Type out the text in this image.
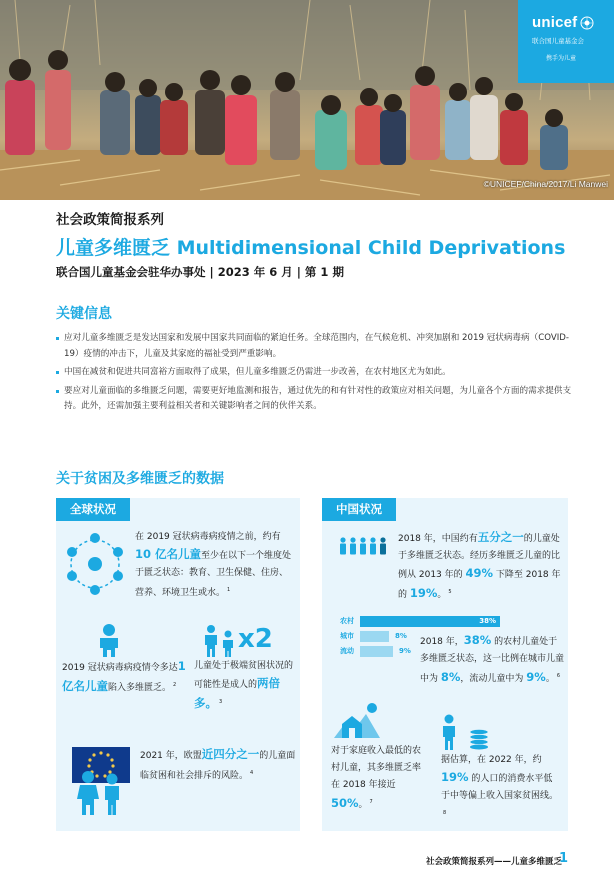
unicef
联合国儿童基金会
携手为儿童
©UNICEF/China/2017/Li Manwei
社会政策简报系列
儿童多维匮乏 Multidimensional Child Deprivations
联合国儿童基金会驻华办事处 | 2023 年 6 月 | 第 1 期
关键信息
应对儿童多维匮乏是发达国家和发展中国家共同面临的紧迫任务。全球范围内，在气候危机、冲突加剧和 2019 冠状病毒病（COVID-19）疫情的冲击下，儿童及其家庭的福祉受到严重影响。
中国在减贫和促进共同富裕方面取得了成果，但儿童多维匮乏仍需进一步改善，在农村地区尤为如此。
要应对儿童面临的多维匮乏问题，需要更好地监测和报告，通过优先的和有针对性的政策应对相关问题，为儿童各个方面的需求提供支持。此外，还需加强主要利益相关者和关键影响者之间的伙伴关系。
关于贫困及多维匮乏的数据
全球状况
在 2019 冠状病毒病疫情之前，约有
10 亿名儿童至少在以下一个维度处于匮乏状态：教育、卫生保健、住房、营养、环境卫生或水。 $^1$
2019 冠状病毒病疫情令多达1 亿名儿童陷入多维匮乏。 $^2$
x2
儿童处于极端贫困状况的可能性是成人的两倍多。 $^3$
2021 年，欧盟近四分之一的儿童面临贫困和社会排斥的风险。 $^4$
中国状况
2018 年，中国约有五分之一的儿童处于多维匮乏状态。经历多维匮乏儿童的比例从 2013 年的 49% 下降至 2018 年的 19%。 $^5$
农村	38%
城市	8%
流动	9%
2018 年，38% 的农村儿童处于多维匮乏状态，这一比例在城市儿童中为 8%，流动儿童中为 9%。 $^6$
对于家庭收入最低的农村儿童，其多维匮乏率在 2018 年接近 50%。 $^7$
据估算，在 2022 年，约 19% 的人口的消费水平低于中等偏上收入国家贫困线。$^8$
社会政策简报系列——儿童多维匮乏
1
